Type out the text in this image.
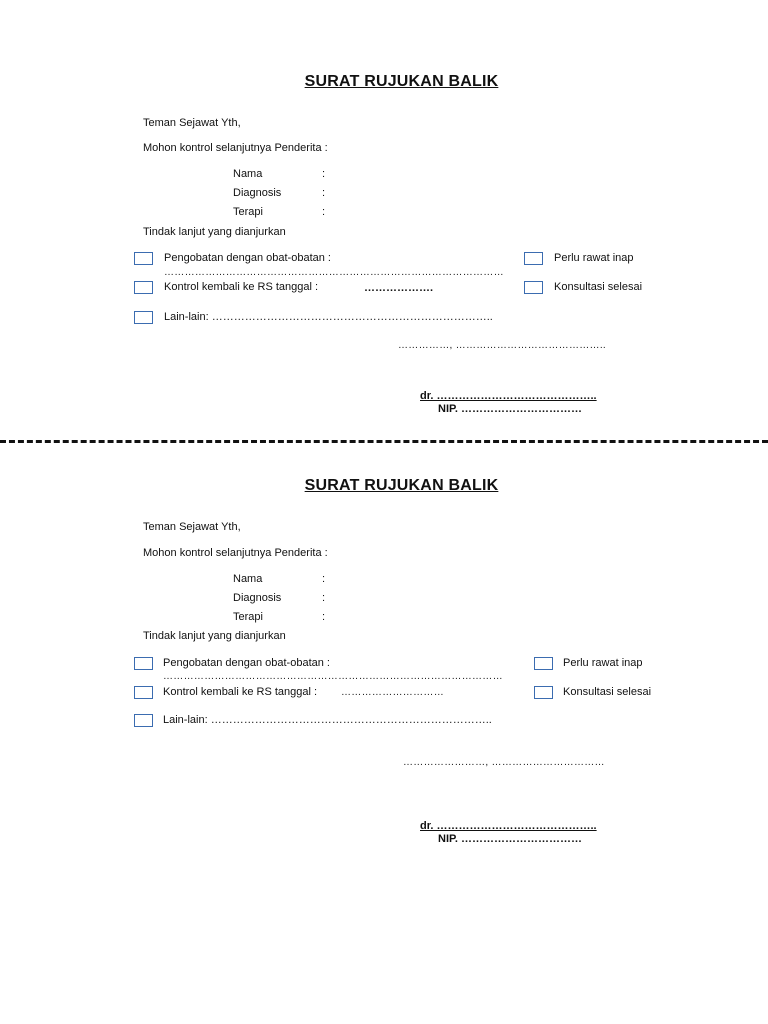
SURAT RUJUKAN BALIK
Teman Sejawat Yth,
Mohon kontrol selanjutnya Penderita :
Nama	:
Diagnosis	:
Terapi	:
Tindak lanjut yang dianjurkan
Pengobatan dengan obat-obatan :
………………………………………………………………………………………
Kontrol kembali ke RS tanggal :	……………….
Lain-lain: …………………………………………………………………..
Perlu rawat inap
Konsultasi selesai
……………, ……………………………………..
dr. ……………………………………..
NIP. ……………………………
SURAT RUJUKAN BALIK
Teman Sejawat Yth,
Mohon kontrol selanjutnya Penderita :
Nama	:
Diagnosis	:
Terapi	:
Tindak lanjut yang dianjurkan
Pengobatan dengan obat-obatan :
………………………………………………………………………………………
Kontrol kembali ke RS tanggal : …………………………
Lain-lain: …………………………………………………………………..
Perlu rawat inap
Konsultasi selesai
……………………, ……………………………
dr. ……………………………………..
NIP. ……………………………
